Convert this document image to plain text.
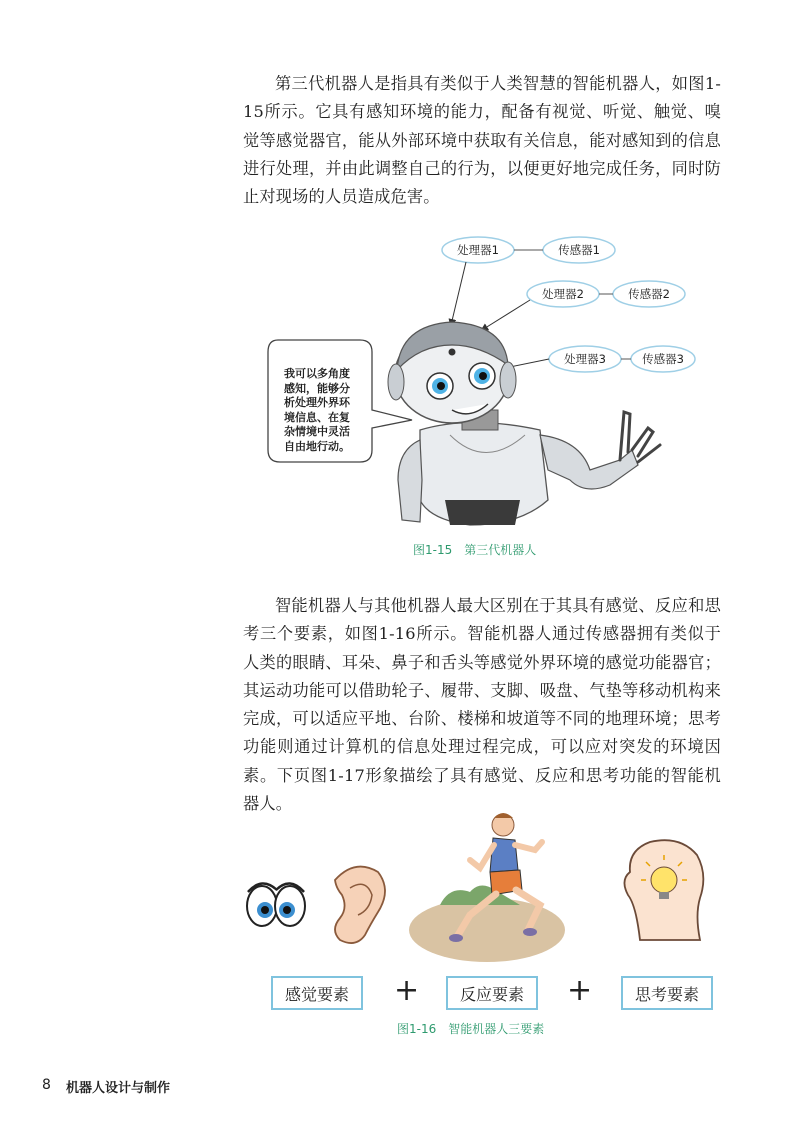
第三代机器人是指具有类似于人类智慧的智能机器人，如图1-15所示。它具有感知环境的能力，配备有视觉、听觉、触觉、嗅觉等感觉器官，能从外部环境中获取有关信息，能对感知到的信息进行处理，并由此调整自己的行为，以便更好地完成任务，同时防止对现场的人员造成危害。

我可以多角度感知，能够分析处理外界环境信息、在复杂情境中灵活自由地行动。
处理器1	传感器1
处理器2	传感器2
处理器3	传感器3
图1-15　第三代机器人

智能机器人与其他机器人最大区别在于其具有感觉、反应和思考三个要素，如图1-16所示。智能机器人通过传感器拥有类似于人类的眼睛、耳朵、鼻子和舌头等感觉外界环境的感觉功能器官；其运动功能可以借助轮子、履带、支脚、吸盘、气垫等移动机构来完成，可以适应平地、台阶、楼梯和坡道等不同的地理环境；思考功能则通过计算机的信息处理过程完成，可以应对突发的环境因素。下页图1-17形象描绘了具有感觉、反应和思考功能的智能机器人。

感觉要素	+	反应要素	+	思考要素
图1-16　智能机器人三要素
8 机器人设计与制作
